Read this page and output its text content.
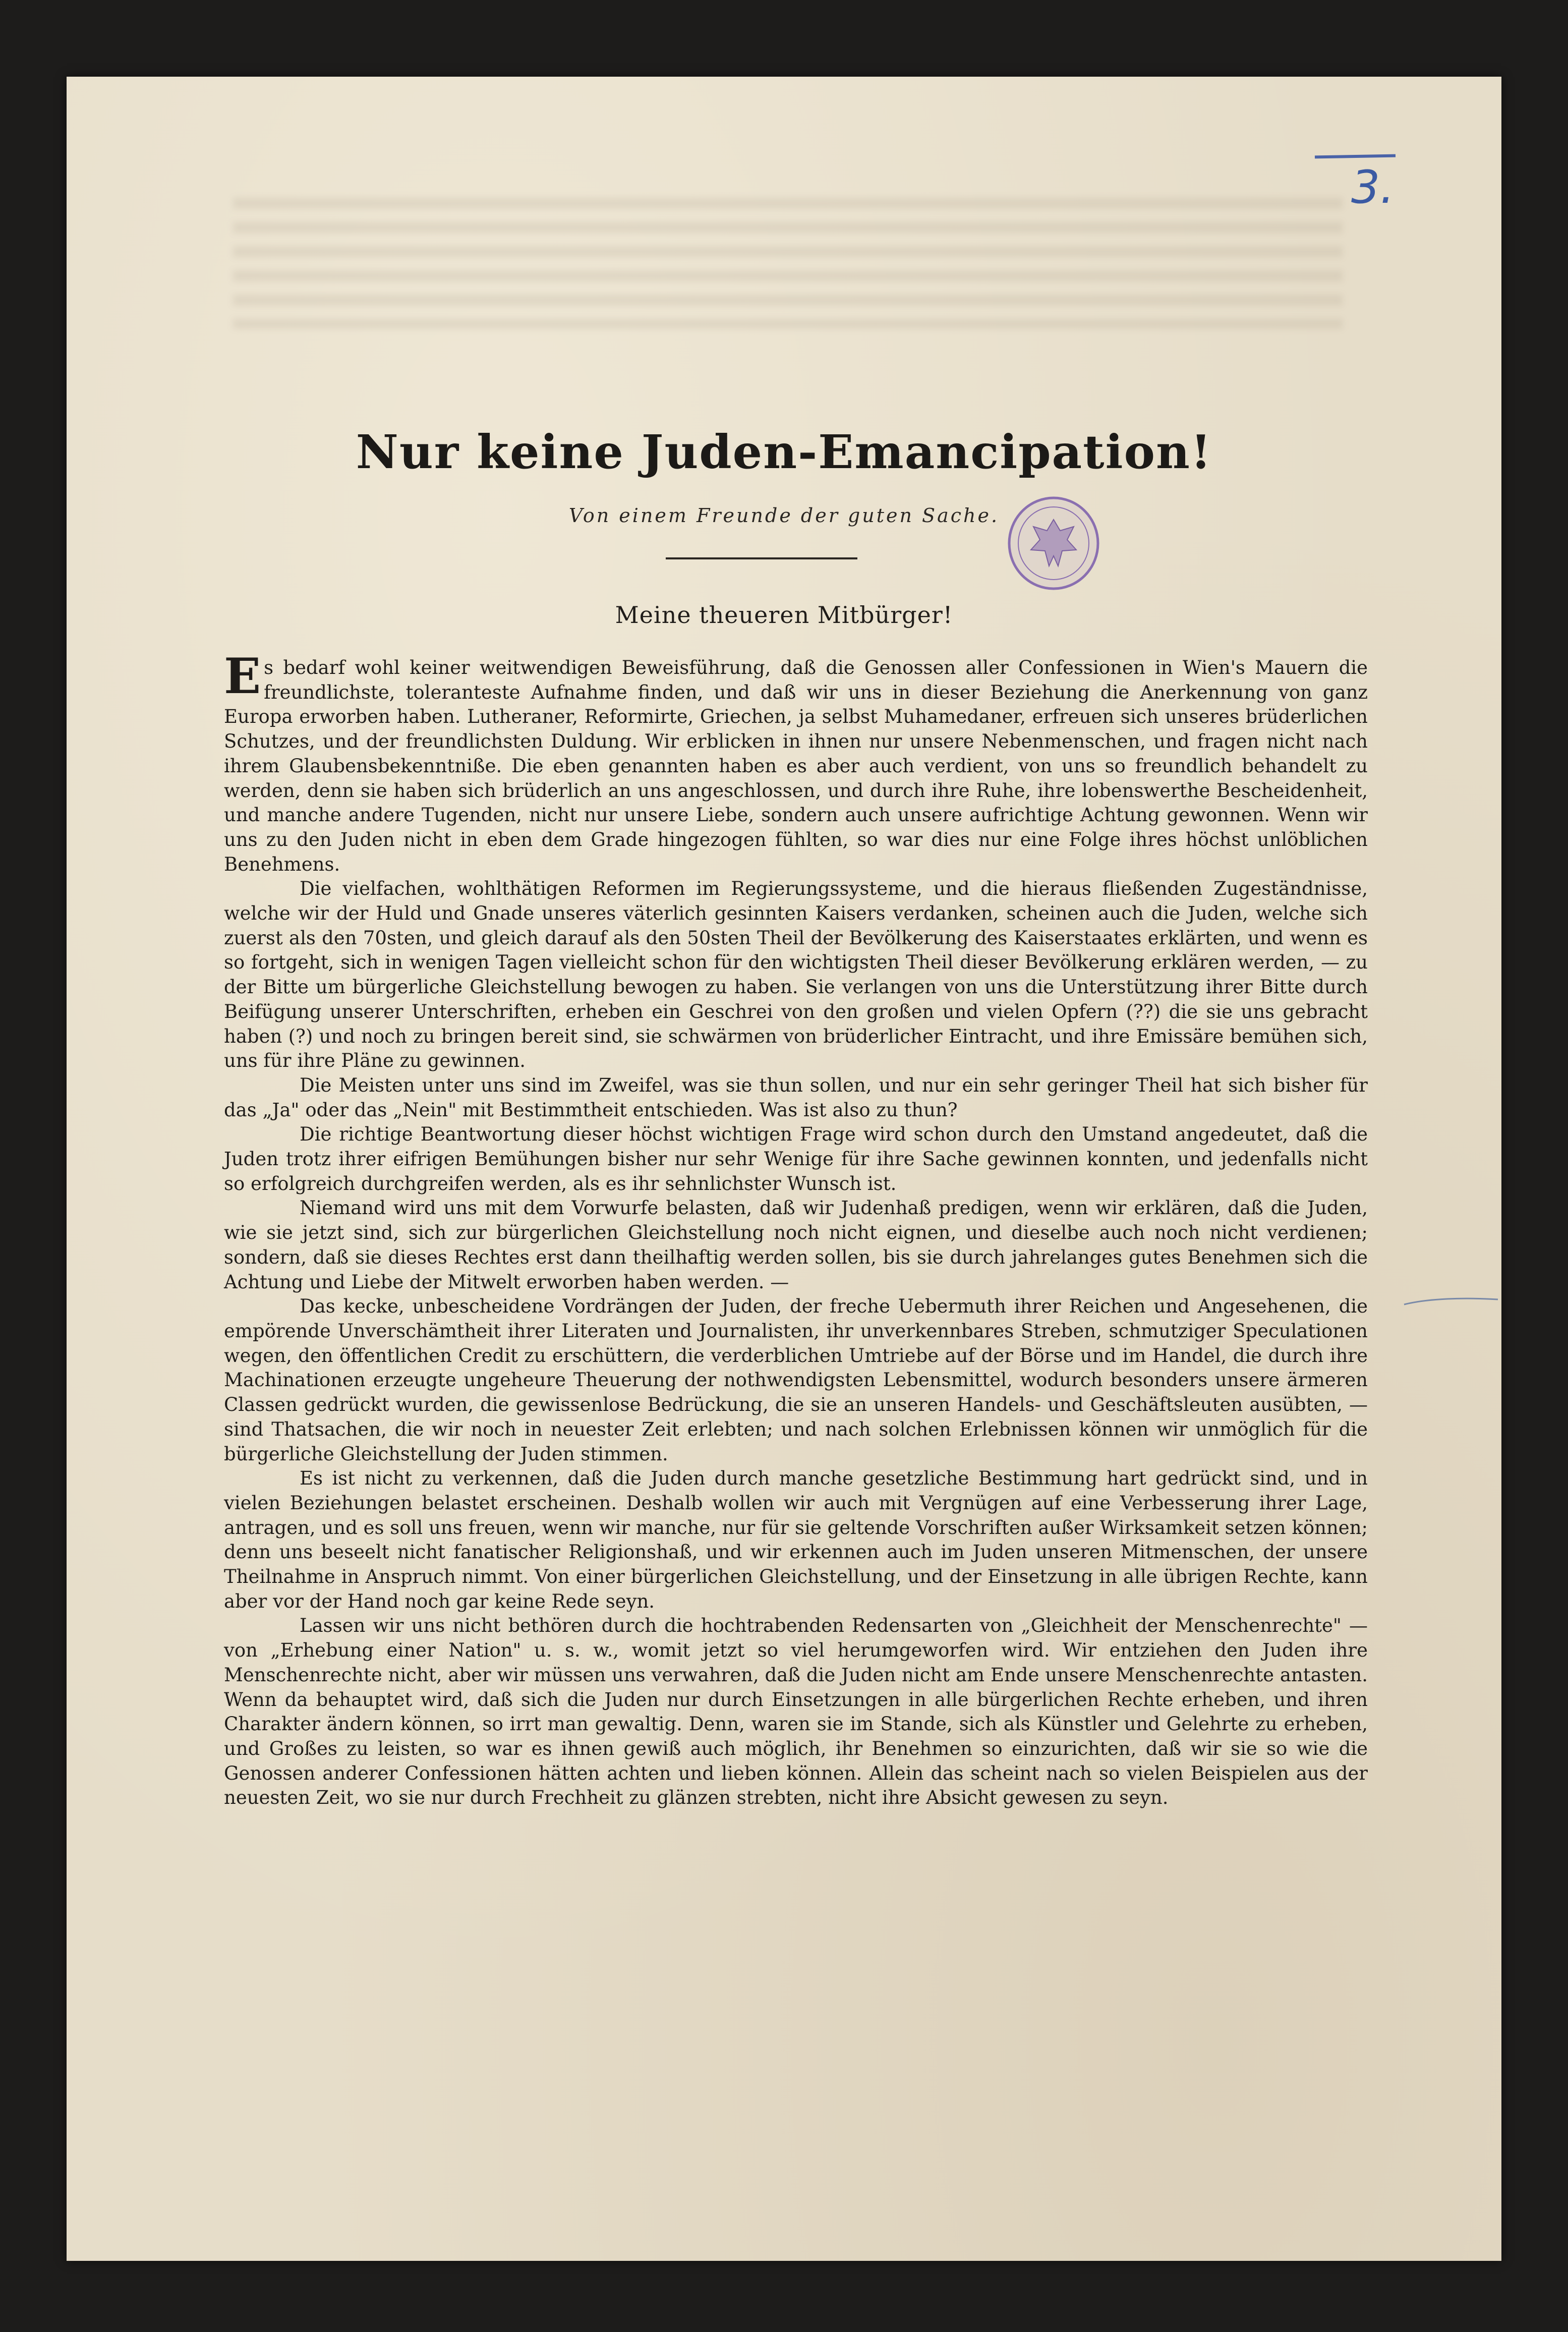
3.
Nur keine Juden-Emancipation!
Von einem Freunde der guten Sache.
Meine theueren Mitbürger!

Es bedarf wohl keiner weitwendigen Beweisführung, daß die Genossen aller Confessionen in Wien's Mauern die freundlichste, toleranteste Aufnahme finden, und daß wir uns in dieser Beziehung die Anerkennung von ganz Europa erworben haben. Lutheraner, Reformirte, Griechen, ja selbst Muhamedaner, erfreuen sich unseres brüderlichen Schutzes, und der freundlichsten Duldung. Wir erblicken in ihnen nur unsere Nebenmenschen, und fragen nicht nach ihrem Glaubensbekenntniße. Die eben genannten haben es aber auch verdient, von uns so freundlich behandelt zu werden, denn sie haben sich brüderlich an uns angeschlossen, und durch ihre Ruhe, ihre lobenswerthe Bescheidenheit, und manche andere Tugenden, nicht nur unsere Liebe, sondern auch unsere aufrichtige Achtung gewonnen. Wenn wir uns zu den Juden nicht in eben dem Grade hingezogen fühlten, so war dies nur eine Folge ihres höchst unlöblichen Benehmens.

Die vielfachen, wohlthätigen Reformen im Regierungssysteme, und die hieraus fließenden Zugeständnisse, welche wir der Huld und Gnade unseres väterlich gesinnten Kaisers verdanken, scheinen auch die Juden, welche sich zuerst als den 70sten, und gleich darauf als den 50sten Theil der Bevölkerung des Kaiserstaates erklärten, und wenn es so fortgeht, sich in wenigen Tagen vielleicht schon für den wichtigsten Theil dieser Bevölkerung erklären werden, — zu der Bitte um bürgerliche Gleichstellung bewogen zu haben. Sie verlangen von uns die Unterstützung ihrer Bitte durch Beifügung unserer Unterschriften, erheben ein Geschrei von den großen und vielen Opfern (??) die sie uns gebracht haben (?) und noch zu bringen bereit sind, sie schwärmen von brüderlicher Eintracht, und ihre Emissäre bemühen sich, uns für ihre Pläne zu gewinnen.

Die Meisten unter uns sind im Zweifel, was sie thun sollen, und nur ein sehr geringer Theil hat sich bisher für das „Ja" oder das „Nein" mit Bestimmtheit entschieden. Was ist also zu thun?

Die richtige Beantwortung dieser höchst wichtigen Frage wird schon durch den Umstand angedeutet, daß die Juden trotz ihrer eifrigen Bemühungen bisher nur sehr Wenige für ihre Sache gewinnen konnten, und jedenfalls nicht so erfolgreich durchgreifen werden, als es ihr sehnlichster Wunsch ist.

Niemand wird uns mit dem Vorwurfe belasten, daß wir Judenhaß predigen, wenn wir erklären, daß die Juden, wie sie jetzt sind, sich zur bürgerlichen Gleichstellung noch nicht eignen, und dieselbe auch noch nicht verdienen; sondern, daß sie dieses Rechtes erst dann theilhaftig werden sollen, bis sie durch jahrelanges gutes Benehmen sich die Achtung und Liebe der Mitwelt erworben haben werden. —

Das kecke, unbescheidene Vordrängen der Juden, der freche Uebermuth ihrer Reichen und Angesehenen, die empörende Unverschämtheit ihrer Literaten und Journalisten, ihr unverkennbares Streben, schmutziger Speculationen wegen, den öffentlichen Credit zu erschüttern, die verderblichen Umtriebe auf der Börse und im Handel, die durch ihre Machinationen erzeugte ungeheure Theuerung der nothwendigsten Lebensmittel, wodurch besonders unsere ärmeren Classen gedrückt wurden, die gewissenlose Bedrückung, die sie an unseren Handels- und Geschäftsleuten ausübten, — sind Thatsachen, die wir noch in neuester Zeit erlebten; und nach solchen Erlebnissen können wir unmöglich für die bürgerliche Gleichstellung der Juden stimmen.

Es ist nicht zu verkennen, daß die Juden durch manche gesetzliche Bestimmung hart gedrückt sind, und in vielen Beziehungen belastet erscheinen. Deshalb wollen wir auch mit Vergnügen auf eine Verbesserung ihrer Lage, antragen, und es soll uns freuen, wenn wir manche, nur für sie geltende Vorschriften außer Wirksamkeit setzen können; denn uns beseelt nicht fanatischer Religionshaß, und wir erkennen auch im Juden unseren Mitmenschen, der unsere Theilnahme in Anspruch nimmt. Von einer bürgerlichen Gleichstellung, und der Einsetzung in alle übrigen Rechte, kann aber vor der Hand noch gar keine Rede seyn.

Lassen wir uns nicht bethören durch die hochtrabenden Redensarten von „Gleichheit der Menschenrechte" — von „Erhebung einer Nation" u. s. w., womit jetzt so viel herumgeworfen wird. Wir entziehen den Juden ihre Menschenrechte nicht, aber wir müssen uns verwahren, daß die Juden nicht am Ende unsere Menschenrechte antasten. Wenn da behauptet wird, daß sich die Juden nur durch Einsetzungen in alle bürgerlichen Rechte erheben, und ihren Charakter ändern können, so irrt man gewaltig. Denn, waren sie im Stande, sich als Künstler und Gelehrte zu erheben, und Großes zu leisten, so war es ihnen gewiß auch möglich, ihr Benehmen so einzurichten, daß wir sie so wie die Genossen anderer Confessionen hätten achten und lieben können. Allein das scheint nach so vielen Beispielen aus der neuesten Zeit, wo sie nur durch Frechheit zu glänzen strebten, nicht ihre Absicht gewesen zu seyn.
